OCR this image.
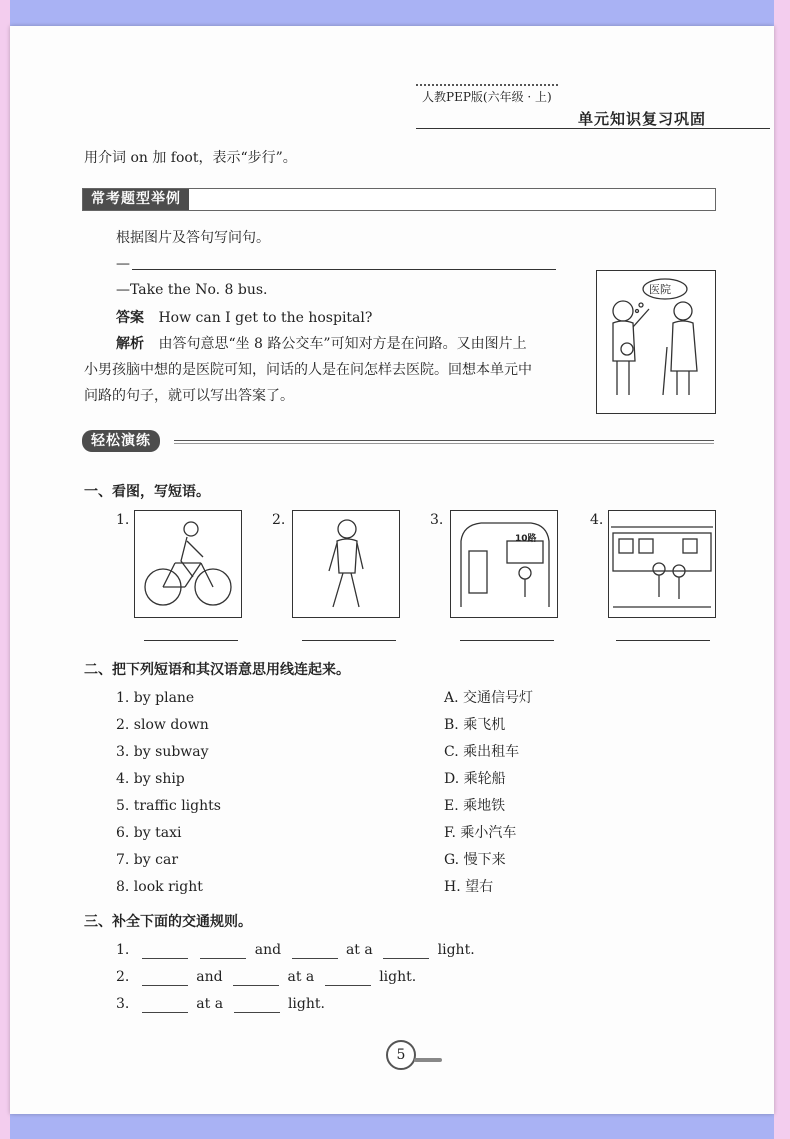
人教PEP版(六年级 · 上)
单元知识复习巩固
用介词 on 加 foot，表示“步行”。
常考题型举例
根据图片及答句写问句。
—
—Take the No. 8 bus.
答案 How can I get to the hospital?
解析 由答句意思“坐 8 路公交车”可知对方是在问路。又由图片上
小男孩脑中想的是医院可知，问话的人是在问怎样去医院。回想本单元中
问路的句子，就可以写出答案了。
医院
轻松演练
一、看图，写短语。
1.	2.	3.
10路
4.
二、把下列短语和其汉语意思用线连起来。
1. by plane
2. slow down
3. by subway
4. by ship
5. traffic lights
6. by taxi
7. by car
8. look right
A. 交通信号灯
B. 乘飞机
C. 乘出租车
D. 乘轮船
E. 乘地铁
F. 乘小汽车
G. 慢下来
H. 望右
三、补全下面的交通规则。
1.	and	at a	light.
2.	and	at a	light.
3.	at a	light.
5
